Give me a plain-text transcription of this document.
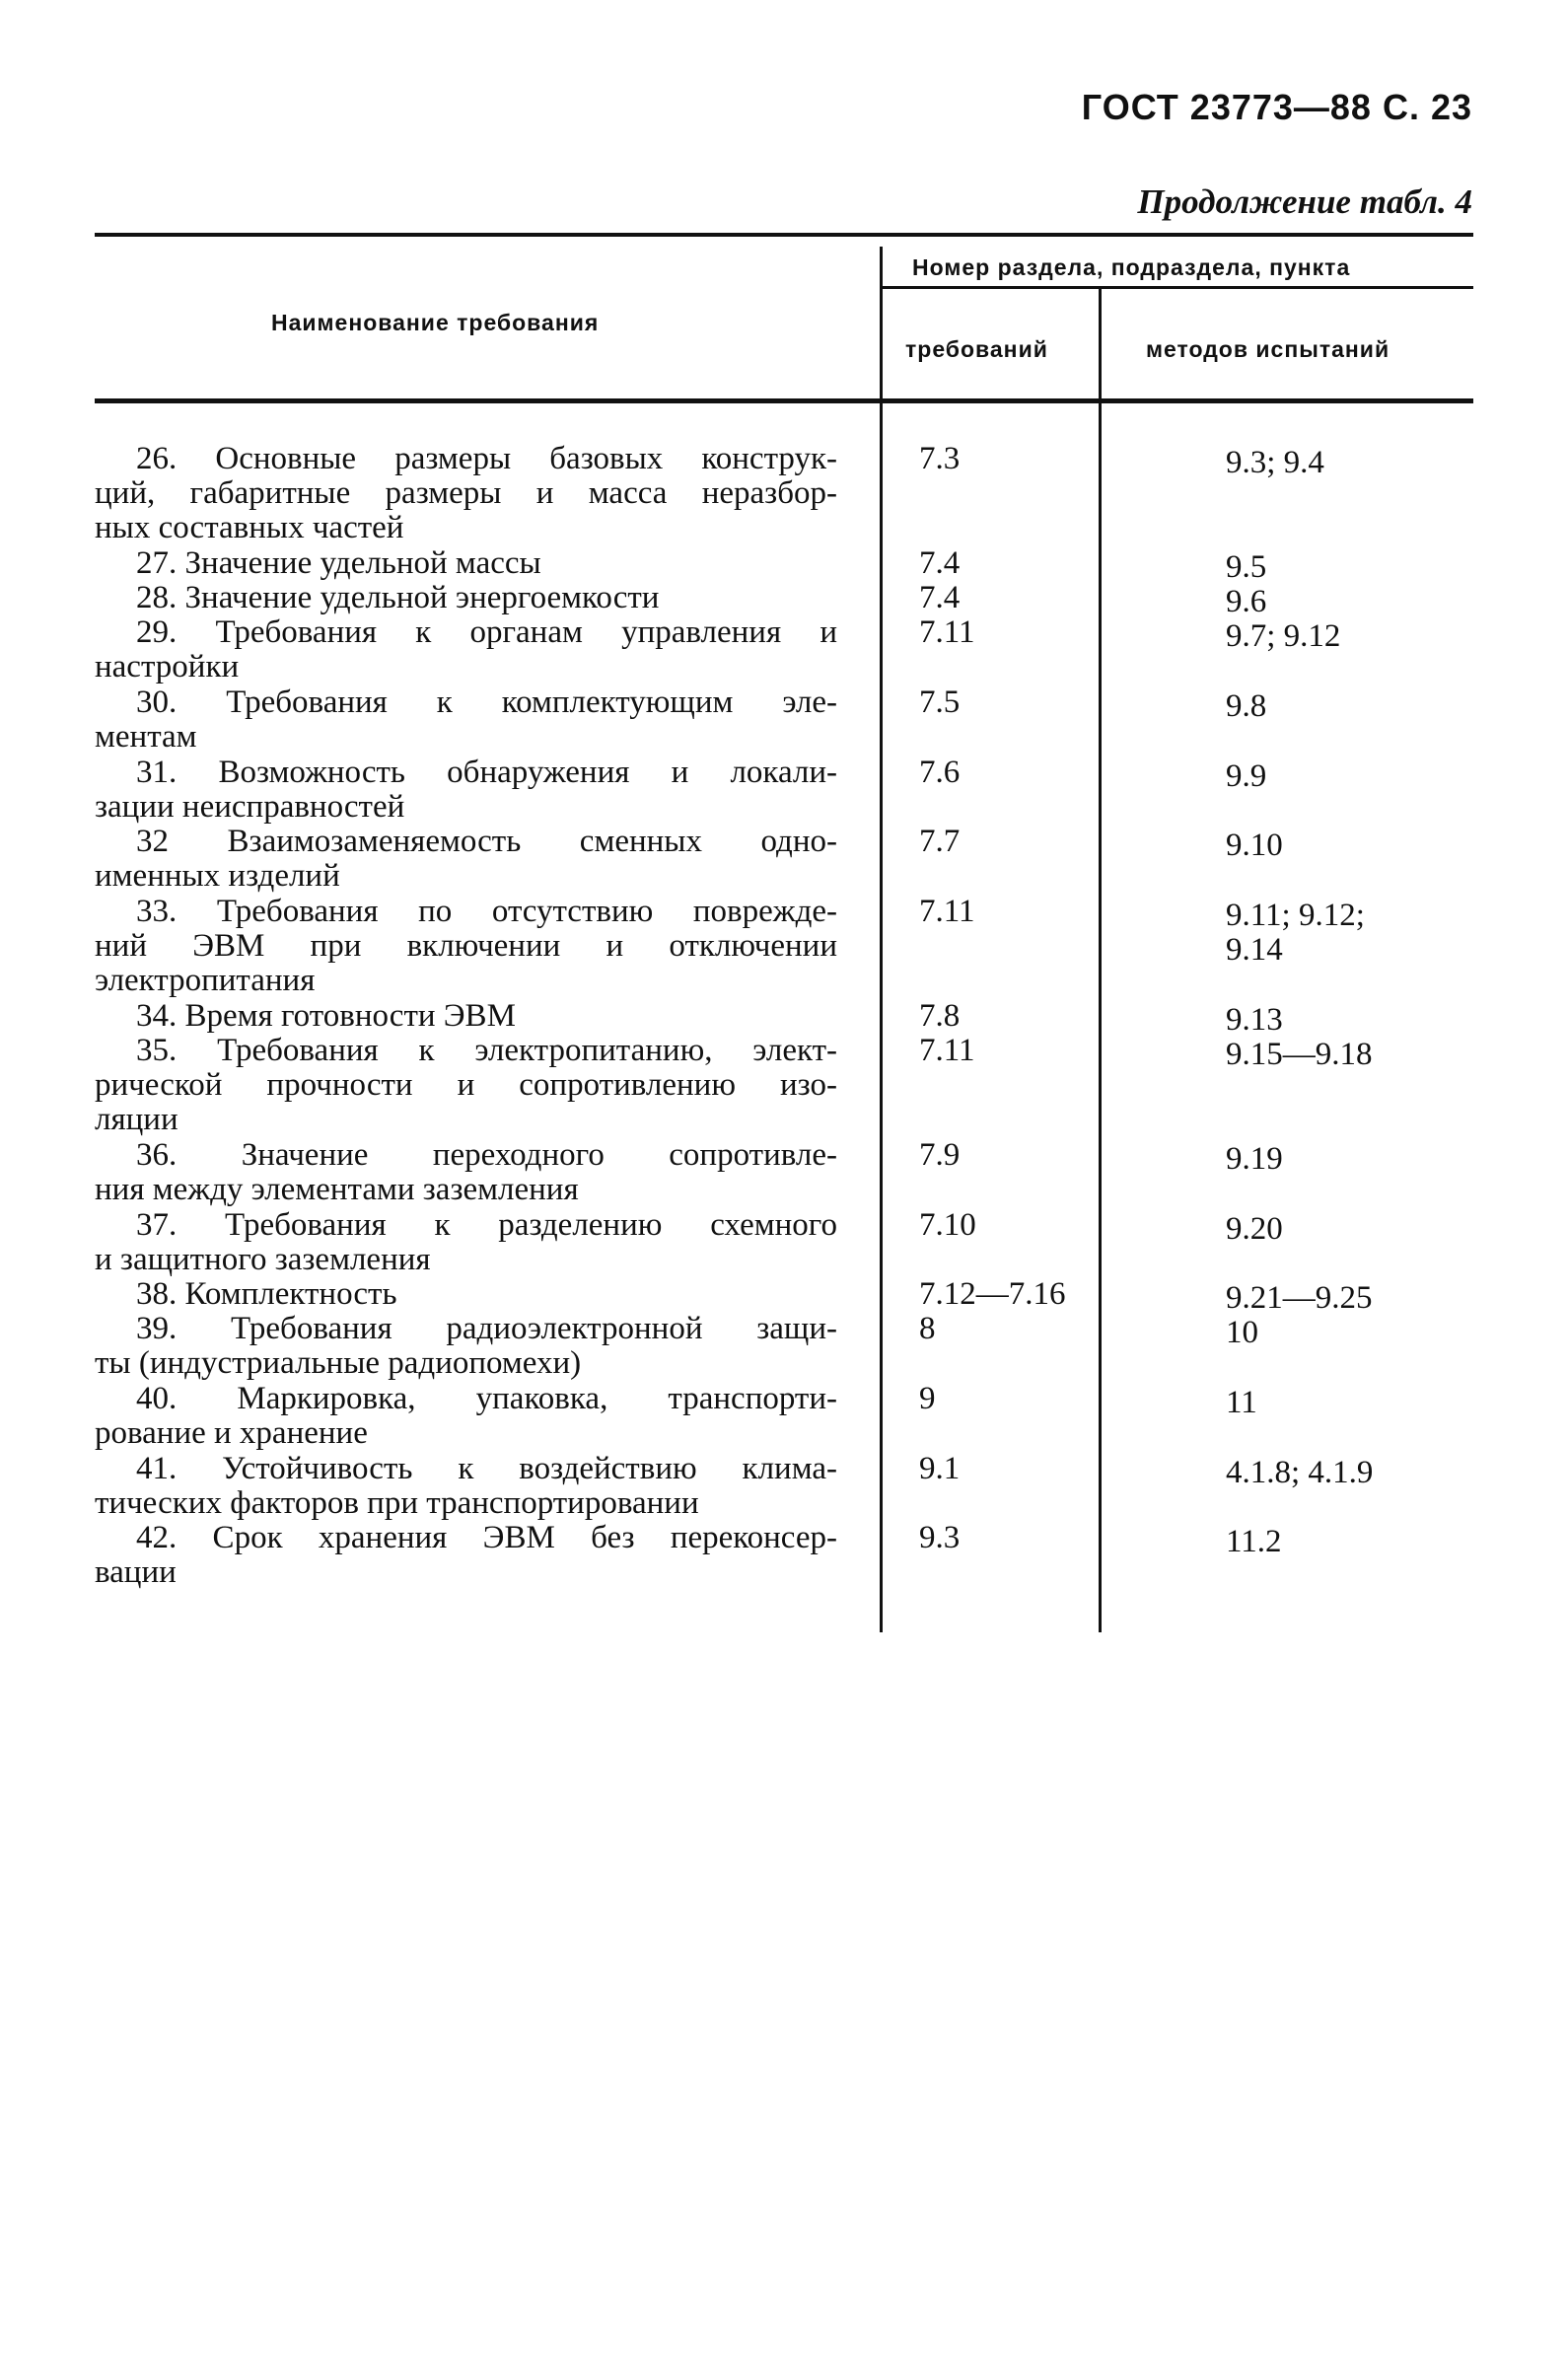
ГОСТ 23773—88 С. 23
Продолжение табл. 4
Наименование требования
Номер раздела, подраздела, пункта
требований	методов испытаний
26. Основные размеры базовых конструк-
ций, габаритные размеры и масса неразбор-
ных составных частей
7.3	9.3; 9.4
27. Значение удельной массы	7.4	9.5
28. Значение удельной энергоемкости	7.4	9.6
29. Требования к органам управления и
настройки
7.11	9.7; 9.12
30. Требования к комплектующим эле-
ментам
7.5	9.8
31. Возможность обнаружения и локали-
зации неисправностей
7.6	9.9
32 Взаимозаменяемость сменных одно-
именных изделий
7.7	9.10
33. Требования по отсутствию поврежде-
ний ЭВМ при включении и отключении
электропитания
7.11	9.11; 9.12;
9.14
34. Время готовности ЭВМ	7.8	9.13
35. Требования к электропитанию, элект-
рической прочности и сопротивлению изо-
ляции
7.11	9.15—9.18
36. Значение переходного сопротивле-
ния между элементами заземления
7.9	9.19
37. Требования к разделению схемного
и защитного заземления
7.10	9.20
38. Комплектность	7.12—7.16	9.21—9.25
39. Требования радиоэлектронной защи-
ты (индустриальные радиопомехи)
8	10
40. Маркировка, упаковка, транспорти-
рование и хранение
9	11
41. Устойчивость к воздействию клима-
тических факторов при транспортировании
9.1	4.1.8; 4.1.9
42. Срок хранения ЭВМ без переконсер-
вации
9.3	11.2
